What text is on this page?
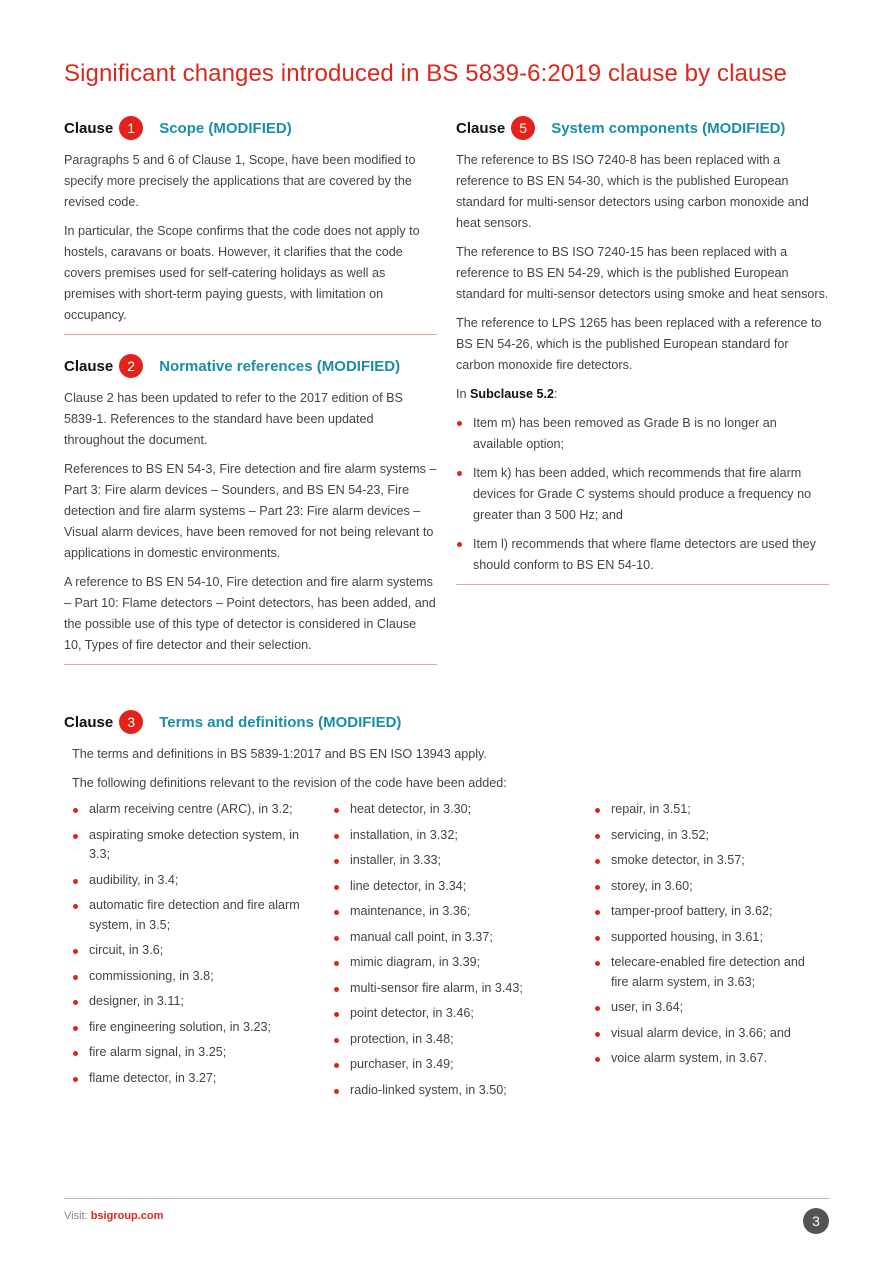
Significant changes introduced in BS 5839-6:2019 clause by clause
Clause	1	Scope (MODIFIED)

Paragraphs 5 and 6 of Clause 1, Scope, have been modified to specify more precisely the applications that are covered by the revised code.

In particular, the Scope confirms that the code does not apply to hostels, caravans or boats. However, it clarifies that the code covers premises used for self-catering holidays as well as premises with short-term paying guests, with limitation on occupancy.

Clause	2	Normative references (MODIFIED)

Clause 2 has been updated to refer to the 2017 edition of BS 5839-1. References to the standard have been updated throughout the document.

References to BS EN 54-3, Fire detection and fire alarm systems – Part 3: Fire alarm devices – Sounders, and BS EN 54-23, Fire detection and fire alarm systems – Part 23: Fire alarm devices – Visual alarm devices, have been removed for not being relevant to applications in domestic environments.

A reference to BS EN 54-10, Fire detection and fire alarm systems – Part 10: Flame detectors – Point detectors, has been added, and the possible use of this type of detector is considered in Clause 10, Types of fire detector and their selection.

Clause	5	System components (MODIFIED)

The reference to BS ISO 7240-8 has been replaced with a reference to BS EN 54-30, which is the published European standard for multi-sensor detectors using carbon monoxide and heat sensors.

The reference to BS ISO 7240-15 has been replaced with a reference to BS EN 54-29, which is the published European standard for multi-sensor detectors using smoke and heat sensors.

The reference to LPS 1265 has been replaced with a reference to BS EN 54-26, which is the published European standard for carbon monoxide fire detectors.

In Subclause 5.2:

Item m) has been removed as Grade B is no longer an available option;
Item k) has been added, which recommends that fire alarm devices for Grade C systems should produce a frequency no greater than 3 500 Hz; and
Item l) recommends that where flame detectors are used they should conform to BS EN 54-10.
Clause	3	Terms and definitions (MODIFIED)

The terms and definitions in BS 5839-1:2017 and BS EN ISO 13943 apply.

The following definitions relevant to the revision of the code have been added:

alarm receiving centre (ARC), in 3.2;
aspirating smoke detection system, in 3.3;
audibility, in 3.4;
automatic fire detection and fire alarm system, in 3.5;
circuit, in 3.6;
commissioning, in 3.8;
designer, in 3.11;
fire engineering solution, in 3.23;
fire alarm signal, in 3.25;
flame detector, in 3.27;
heat detector, in 3.30;
installation, in 3.32;
installer, in 3.33;
line detector, in 3.34;
maintenance, in 3.36;
manual call point, in 3.37;
mimic diagram, in 3.39;
multi-sensor fire alarm, in 3.43;
point detector, in 3.46;
protection, in 3.48;
purchaser, in 3.49;
radio-linked system, in 3.50;
repair, in 3.51;
servicing, in 3.52;
smoke detector, in 3.57;
storey, in 3.60;
tamper-proof battery, in 3.62;
supported housing, in 3.61;
telecare-enabled fire detection and fire alarm system, in 3.63;
user, in 3.64;
visual alarm device, in 3.66; and
voice alarm system, in 3.67.
Visit: bsigroup.com	3
